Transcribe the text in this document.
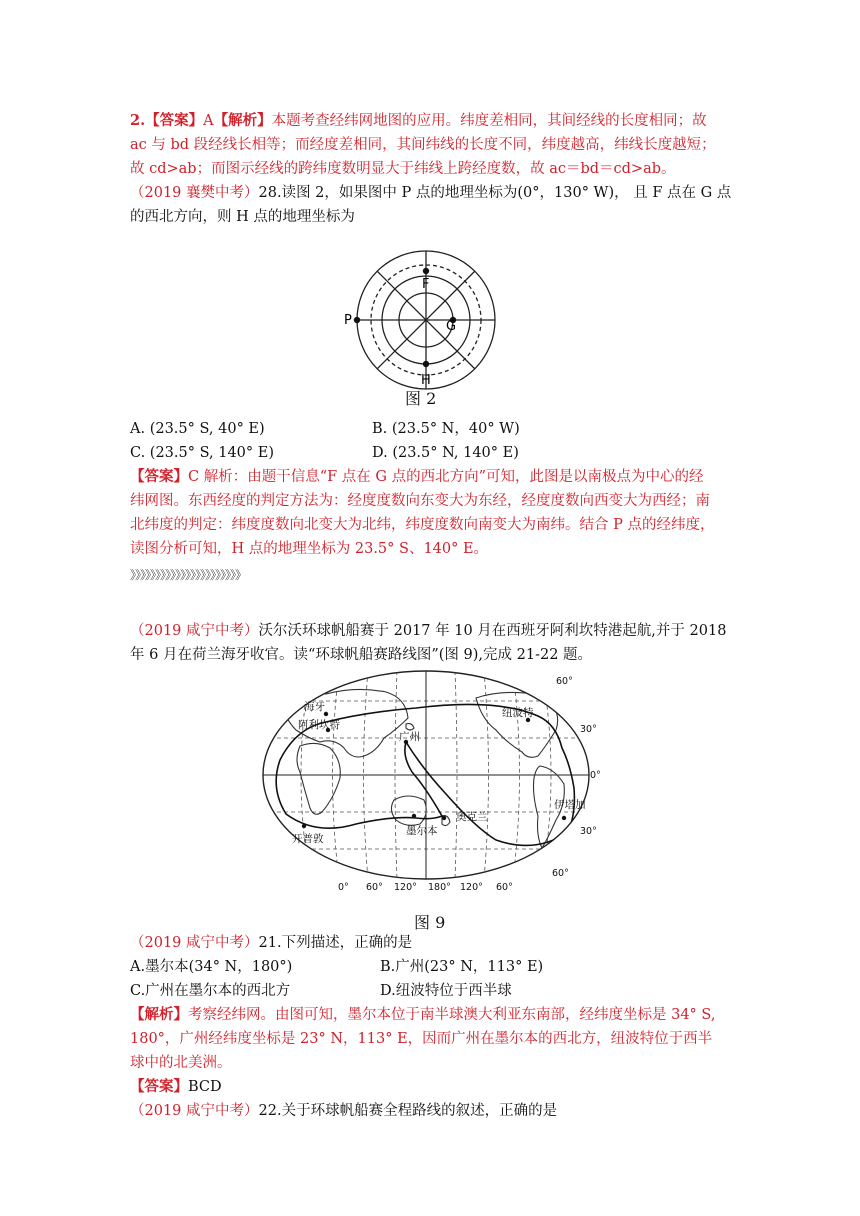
2.【答案】A【解析】本题考查经纬网地图的应用。纬度差相同，其间经线的长度相同；故
ac 与 bd 段经线长相等；而经度差相同，其间纬线的长度不同，纬度越高，纬线长度越短；
故 cd>ab；而图示经线的跨纬度数明显大于纬线上跨经度数，故 ac＝bd＝cd>ab。
（2019 襄樊中考）28.读图 2，如果图中 P 点的地理坐标为(0°，130° W)， 且 F 点在 G 点
的西北方向，则 H 点的地理坐标为
F
G
P
H
图 2
A. (23.5° S, 40° E)	B. (23.5° N，40° W)
C. (23.5° S, 140° E)	D. (23.5° N, 140° E)
【答案】C 解析：由题干信息“F 点在 G 点的西北方向”可知，此图是以南极点为中心的经
纬网图。东西经度的判定方法为：经度度数向东变大为东经，经度度数向西变大为西经；南
北纬度的判定：纬度度数向北变大为北纬，纬度度数向南变大为南纬。结合 P 点的经纬度，
读图分析可知，H 点的地理坐标为 23.5° S、140° E。
》》》》》》》》》》》》》》》》》》》》》》
（2019 咸宁中考）沃尔沃环球帆船赛于 2017 年 10 月在西班牙阿利坎特港起航,并于 2018
年 6 月在荷兰海牙收官。读“环球帆船赛路线图”(图 9),完成 21-22 题。
海牙
阿利坎特
广州
纽波特
伊塔加
开普敦
墨尔本
奥克兰
60°
30°
0°
30°
60°
0° 60° 120° 180° 120° 60°
图 9
（2019 咸宁中考）21.下列描述，正确的是
A.墨尔本(34° N，180°)	B.广州(23° N，113° E)
C.广州在墨尔本的西北方	D.纽波特位于西半球
【解析】考察经纬网。由图可知，墨尔本位于南半球澳大利亚东南部，经纬度坐标是 34° S,
180°，广州经纬度坐标是 23° N，113° E，因而广州在墨尔本的西北方，纽波特位于西半
球中的北美洲。
【答案】BCD
（2019 咸宁中考）22.关于环球帆船赛全程路线的叙述，正确的是
